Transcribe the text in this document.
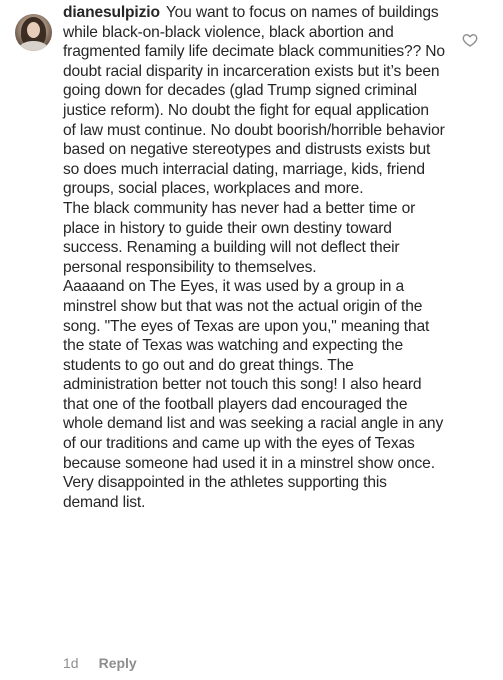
dianesulpizio You want to focus on names of buildings while black-on-black violence, black abortion and fragmented family life decimate black communities?? No doubt racial disparity in incarceration exists but it’s been going down for decades (glad Trump signed criminal justice reform). No doubt the fight for equal application of law must continue. No doubt boorish/horrible behavior based on negative stereotypes and distrusts exists but so does much interracial dating, marriage, kids, friend groups, social places, workplaces and more.

The black community has never had a better time or place in history to guide their own destiny toward success. Renaming a building will not deflect their personal responsibility to themselves.

Aaaaand on The Eyes, it was used by a group in a minstrel show but that was not the actual origin of the song. "The eyes of Texas are upon you," meaning that the state of Texas was watching and expecting the students to go out and do great things. The administration better not touch this song! I also heard that one of the football players dad encouraged the whole demand list and was seeking a racial angle in any of our traditions and came up with the eyes of Texas because someone had used it in a minstrel show once. Very disappointed in the athletes supporting this demand list.

1d Reply
